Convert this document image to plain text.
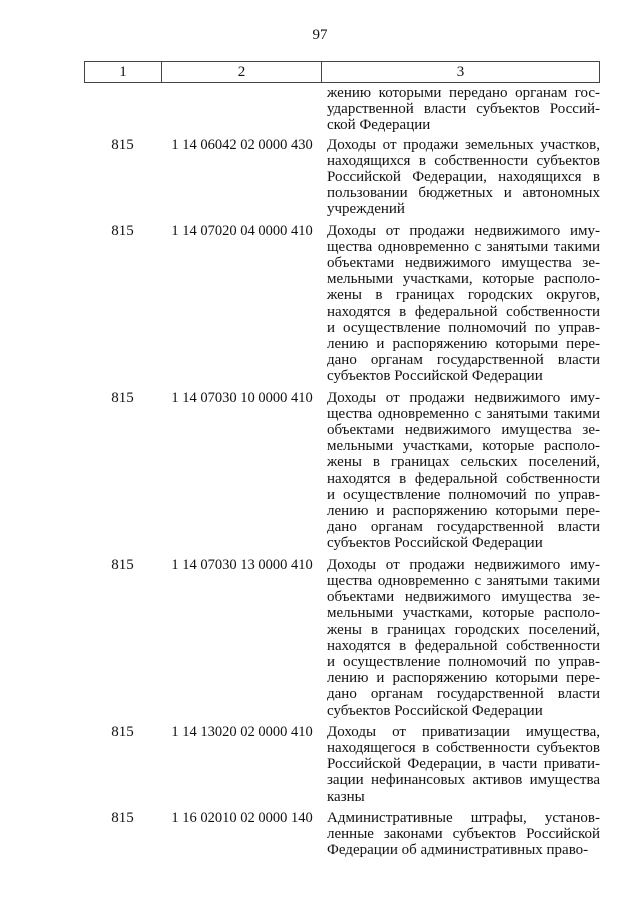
97
1	2	3
жению которыми передано органам гос-
ударственной власти субъектов Россий-
ской Федерации
815	1 14 06042 02 0000 430 Доходы от продажи земельных участков,
находящихся в собственности субъектов
Российской Федерации, находящихся в
пользовании бюджетных и автономных
учреждений
815	1 14 07020 04 0000 410 Доходы от продажи недвижимого иму-
щества одновременно с занятыми такими
объектами недвижимого имущества зе-
мельными участками, которые располо-
жены в границах городских округов,
находятся в федеральной собственности
и осуществление полномочий по управ-
лению и распоряжению которыми пере-
дано органам государственной власти
субъектов Российской Федерации
815	1 14 07030 10 0000 410 Доходы от продажи недвижимого иму-
щества одновременно с занятыми такими
объектами недвижимого имущества зе-
мельными участками, которые располо-
жены в границах сельских поселений,
находятся в федеральной собственности
и осуществление полномочий по управ-
лению и распоряжению которыми пере-
дано органам государственной власти
субъектов Российской Федерации
815	1 14 07030 13 0000 410 Доходы от продажи недвижимого иму-
щества одновременно с занятыми такими
объектами недвижимого имущества зе-
мельными участками, которые располо-
жены в границах городских поселений,
находятся в федеральной собственности
и осуществление полномочий по управ-
лению и распоряжению которыми пере-
дано органам государственной власти
субъектов Российской Федерации
815	1 14 13020 02 0000 410 Доходы от приватизации имущества,
находящегося в собственности субъектов
Российской Федерации, в части привати-
зации нефинансовых активов имущества
казны
815	1 16 02010 02 0000 140 Административные штрафы, установ-
ленные законами субъектов Российской
Федерации об административных право-
